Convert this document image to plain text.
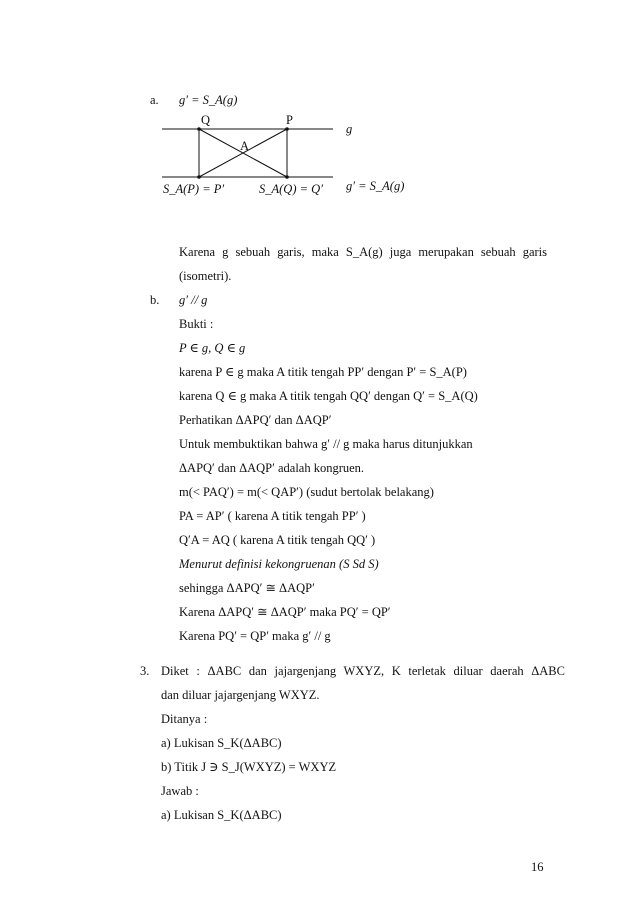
a. g′ = S_A(g)
Q	P
A
g
g′ = S_A(g)
S_A(P) = P′	S_A(Q) = Q′
Karena g sebuah garis, maka S_A(g) juga merupakan sebuah garis
(isometri).
b. g′ // g
Bukti :
P ∈ g, Q ∈ g
karena P ∈ g maka A titik tengah PP′ dengan P′ = S_A(P)
karena Q ∈ g maka A titik tengah QQ′ dengan Q′ = S_A(Q)
Perhatikan ΔAPQ′ dan ΔAQP′
Untuk membuktikan bahwa g′ // g maka harus ditunjukkan
ΔAPQ′ dan ΔAQP′ adalah kongruen.
m(< PAQ′) = m(< QAP′) (sudut bertolak belakang)
PA = AP′ ( karena A titik tengah PP′ )
Q′A = AQ ( karena A titik tengah QQ′ )
Menurut definisi kekongruenan (S Sd S)
sehingga ΔAPQ′ ≅ ΔAQP′
Karena ΔAPQ′ ≅ ΔAQP′ maka PQ′ = QP′
Karena PQ′ = QP′ maka g′ // g
3. Diket : ΔABC dan jajargenjang WXYZ, K terletak diluar daerah ΔABC
dan diluar jajargenjang WXYZ.
Ditanya :
a) Lukisan S_K(ΔABC)
b) Titik J ∋ S_J(WXYZ) = WXYZ
Jawab :
a) Lukisan S_K(ΔABC)
16
